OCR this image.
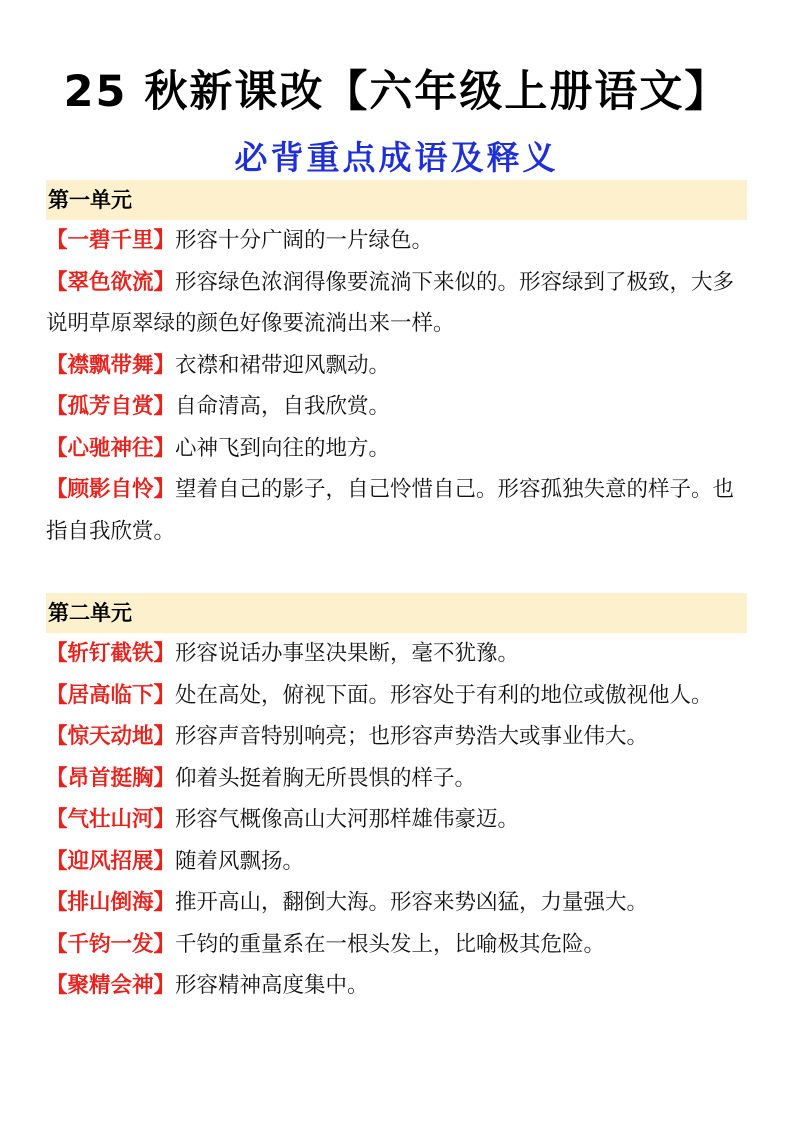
25 秋新课改【六年级上册语文】
必背重点成语及释义
第一单元

【一碧千里】形容十分广阔的一片绿色。

【翠色欲流】形容绿色浓润得像要流淌下来似的。形容绿到了极致，大多说明草原翠绿的颜色好像要流淌出来一样。

【襟飘带舞】衣襟和裙带迎风飘动。

【孤芳自赏】自命清高，自我欣赏。

【心驰神往】心神飞到向往的地方。

【顾影自怜】望着自己的影子，自己怜惜自己。形容孤独失意的样子。也指自我欣赏。

第二单元

【斩钉截铁】形容说话办事坚决果断，毫不犹豫。

【居高临下】处在高处，俯视下面。形容处于有利的地位或傲视他人。

【惊天动地】形容声音特别响亮；也形容声势浩大或事业伟大。

【昂首挺胸】仰着头挺着胸无所畏惧的样子。

【气壮山河】形容气概像高山大河那样雄伟豪迈。

【迎风招展】随着风飘扬。

【排山倒海】推开高山，翻倒大海。形容来势凶猛，力量强大。

【千钧一发】千钧的重量系在一根头发上，比喻极其危险。

【聚精会神】形容精神高度集中。
